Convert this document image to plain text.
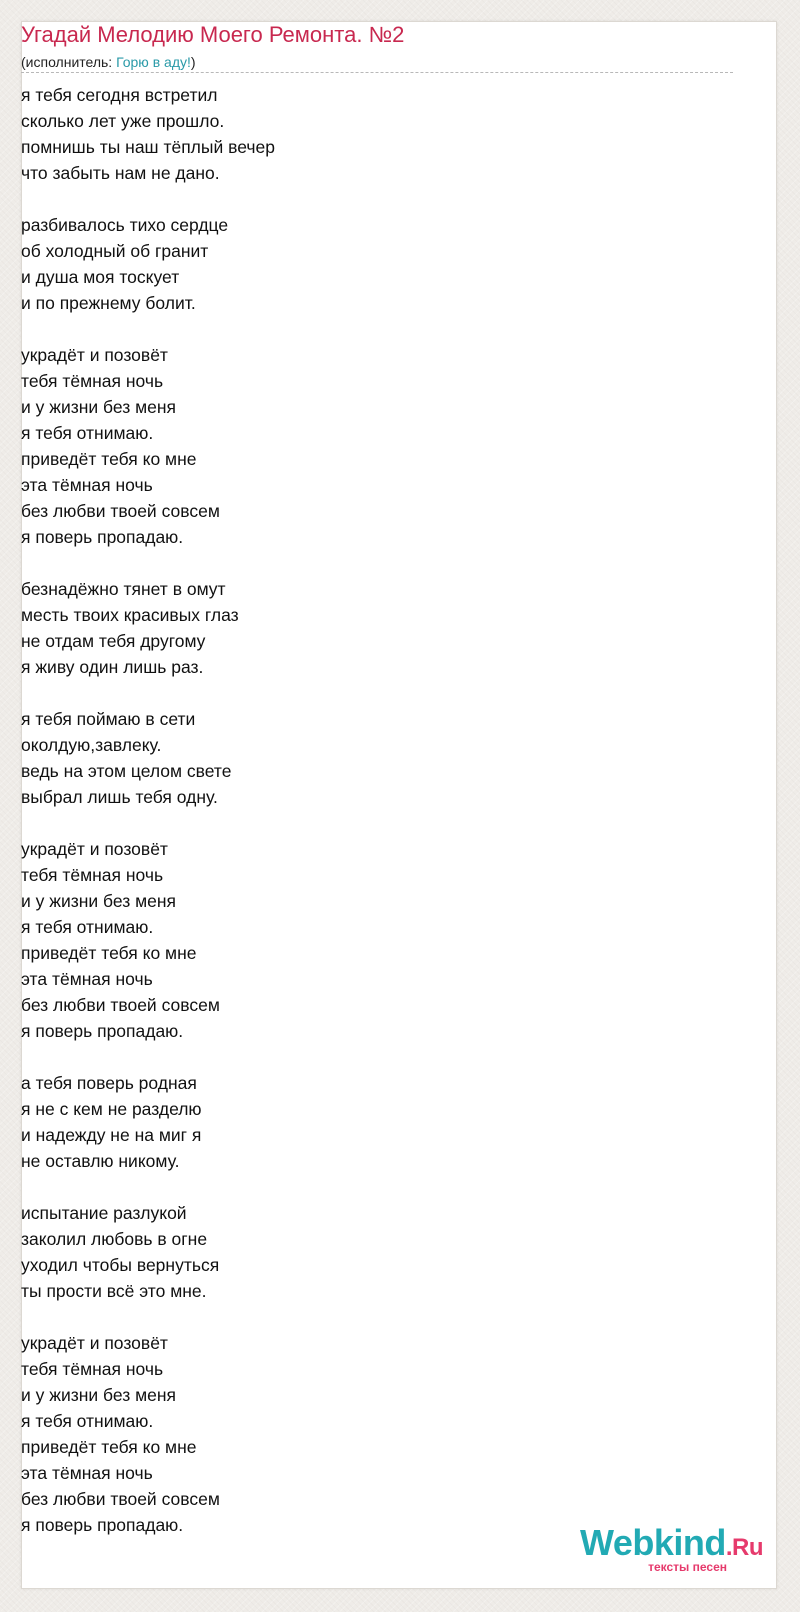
Угадай Мелодию Моего Ремонта. №2
(исполнитель: Горю в аду!)
я тебя сегодня встретил
сколько лет уже прошло.
помнишь ты наш тёплый вечер
что забыть нам не дано.
разбивалось тихо сердце
об холодный об гранит
и душа моя тоскует
и по прежнему болит.
украдёт и позовёт
тебя тёмная ночь
и у жизни без меня
я тебя отнимаю.
приведёт тебя ко мне
эта тёмная ночь
без любви твоей совсем
я поверь пропадаю.
безнадёжно тянет в омут
месть твоих красивых глаз
не отдам тебя другому
я живу один лишь раз.
я тебя поймаю в сети
околдую,завлеку.
ведь на этом целом свете
выбрал лишь тебя одну.
украдёт и позовёт
тебя тёмная ночь
и у жизни без меня
я тебя отнимаю.
приведёт тебя ко мне
эта тёмная ночь
без любви твоей совсем
я поверь пропадаю.
а тебя поверь родная
я не с кем не разделю
и надежду не на миг я
не оставлю никому.
испытание разлукой
заколил любовь в огне
уходил чтобы вернуться
ты прости всё это мне.
украдёт и позовёт
тебя тёмная ночь
и у жизни без меня
я тебя отнимаю.
приведёт тебя ко мне
эта тёмная ночь
без любви твоей совсем
я поверь пропадаю.	Webkind.Ru
тексты песен
